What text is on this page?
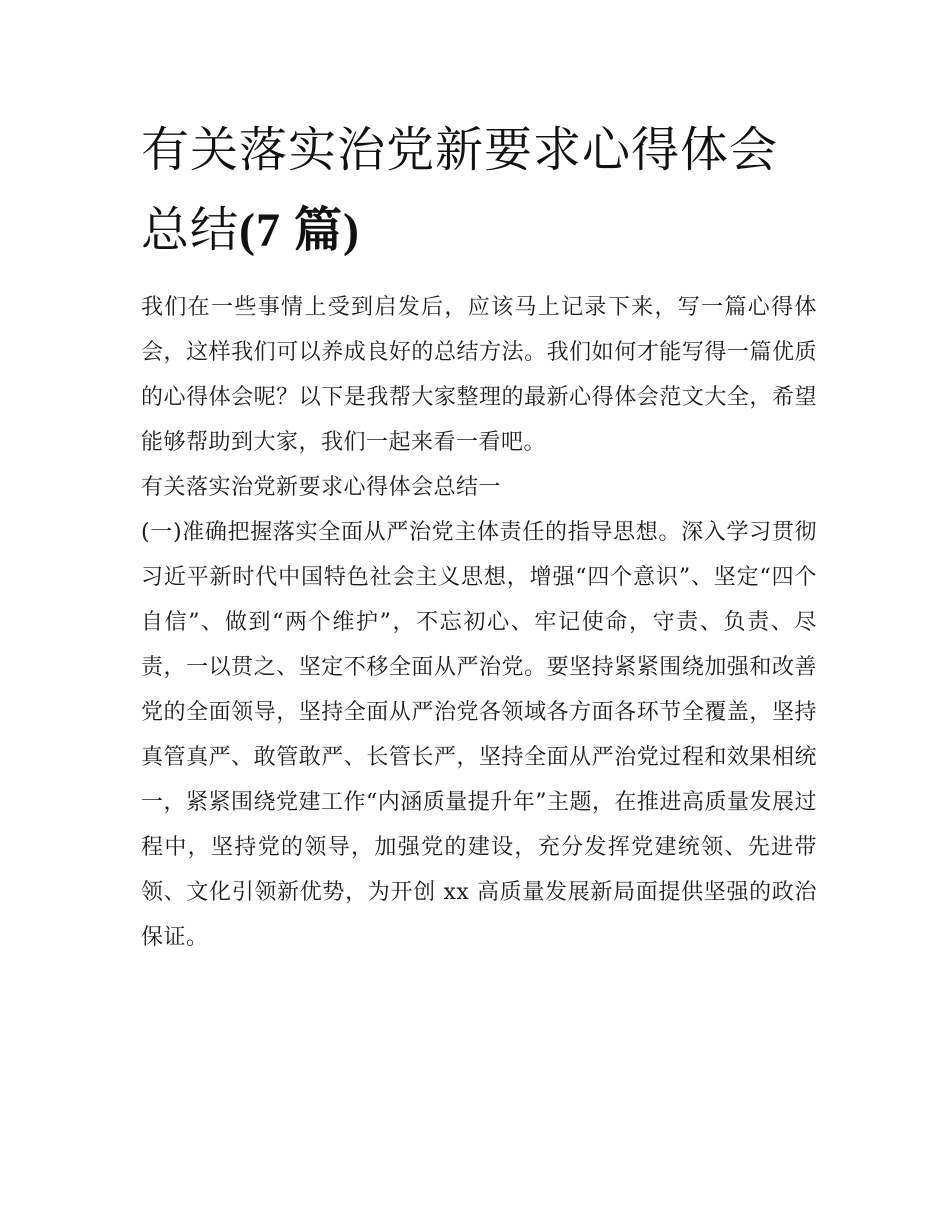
有关落实治党新要求心得体会总结(7 篇)

我们在一些事情上受到启发后，应该马上记录下来，写一篇心得体会，这样我们可以养成良好的总结方法。我们如何才能写得一篇优质的心得体会呢？以下是我帮大家整理的最新心得体会范文大全，希望能够帮助到大家，我们一起来看一看吧。

有关落实治党新要求心得体会总结一

(一)准确把握落实全面从严治党主体责任的指导思想。深入学习贯彻习近平新时代中国特色社会主义思想，增强“四个意识”、坚定“四个自信”、做到“两个维护”，不忘初心、牢记使命，守责、负责、尽责，一以贯之、坚定不移全面从严治党。要坚持紧紧围绕加强和改善党的全面领导，坚持全面从严治党各领域各方面各环节全覆盖，坚持真管真严、敢管敢严、长管长严，坚持全面从严治党过程和效果相统一，紧紧围绕党建工作“内涵质量提升年”主题，在推进高质量发展过程中，坚持党的领导，加强党的建设，充分发挥党建统领、先进带领、文化引领新优势，为开创 xx 高质量发展新局面提供坚强的政治保证。
